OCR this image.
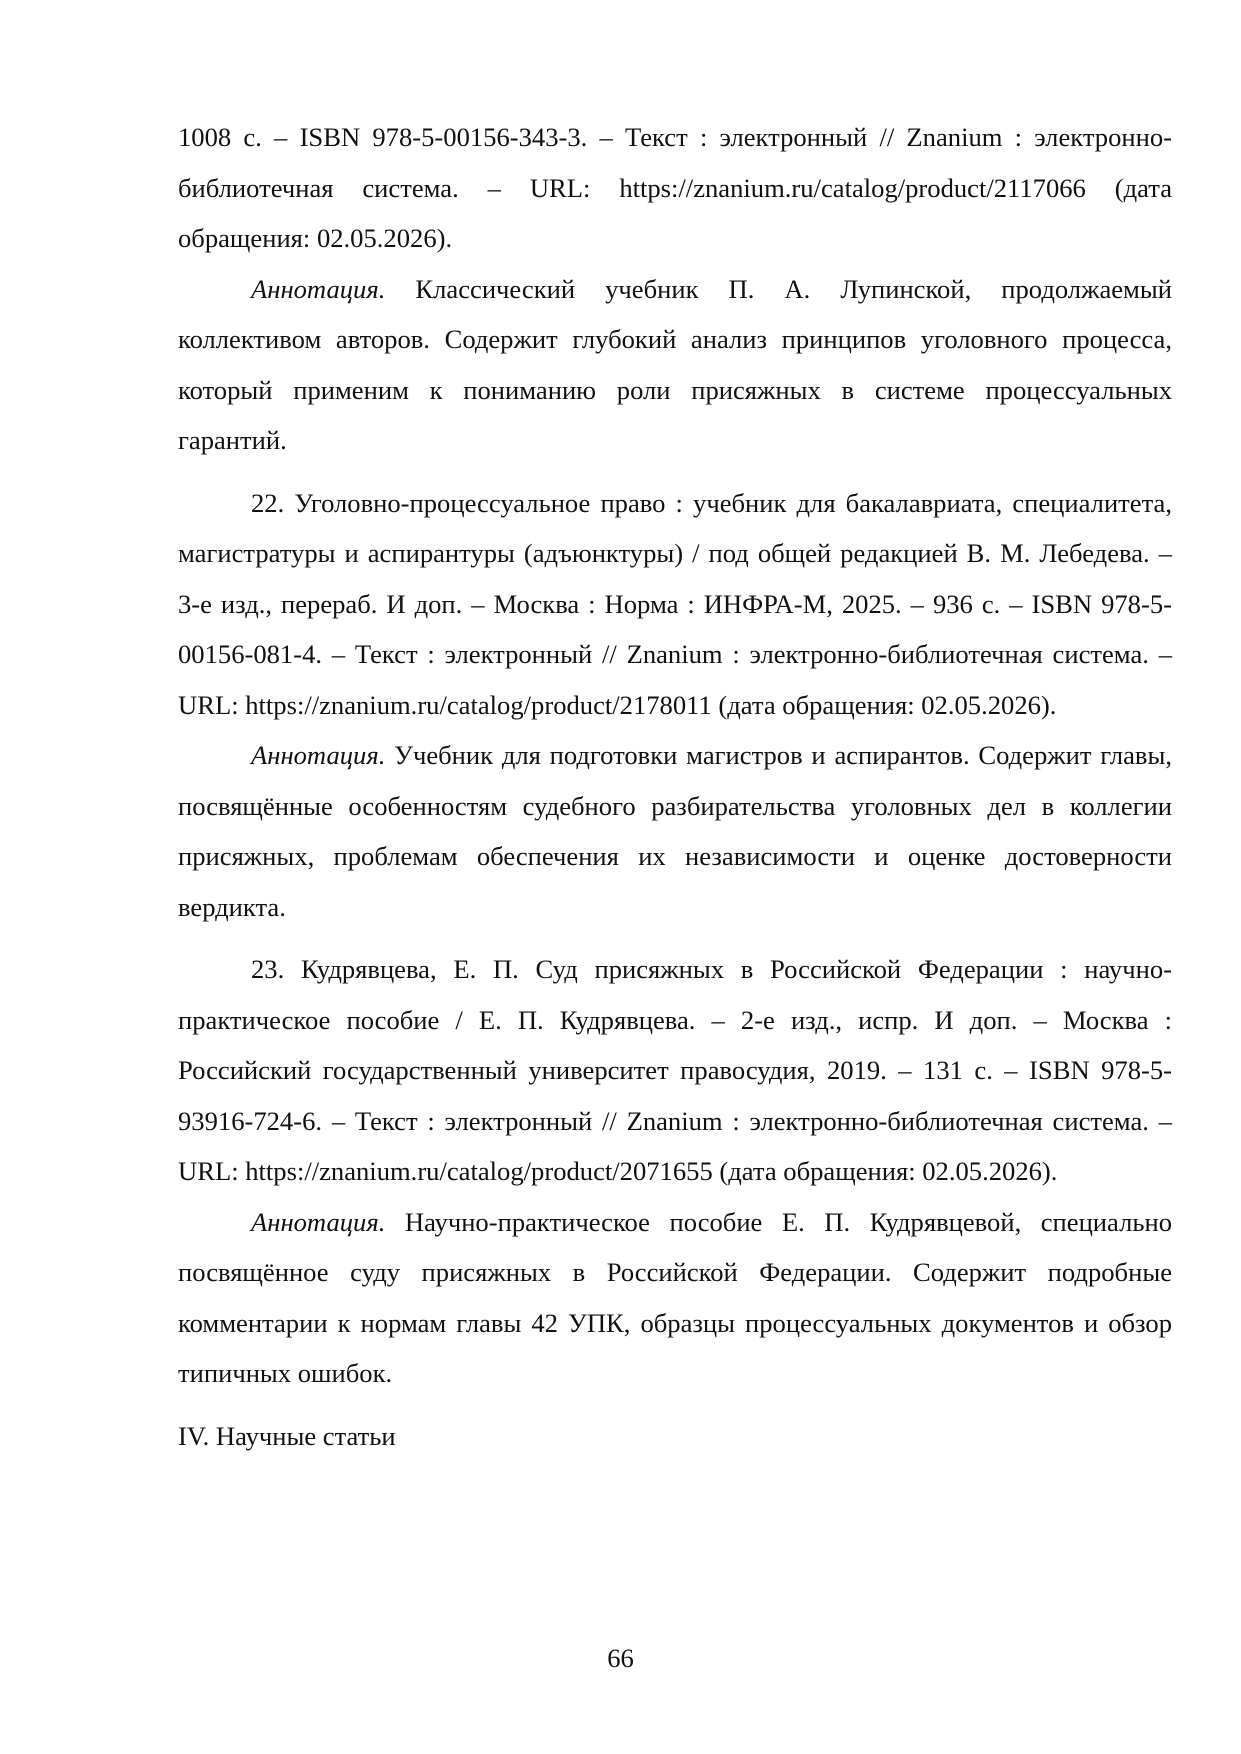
1008 с. – ISBN 978-5-00156-343-3. – Текст : электронный // Znanium : электронно-библиотечная система. – URL: https://znanium.ru/catalog/product/2117066 (дата обращения: 02.05.2026).

Аннотация. Классический учебник П. А. Лупинской, продолжаемый коллективом авторов. Содержит глубокий анализ принципов уголовного процесса, который применим к пониманию роли присяжных в системе процессуальных гарантий.

22. Уголовно-процессуальное право : учебник для бакалавриата, специалитета, магистратуры и аспирантуры (адъюнктуры) / под общей редакцией В. М. Лебедева. – 3-е изд., перераб. И доп. – Москва : Норма : ИНФРА-М, 2025. – 936 с. – ISBN 978-5-00156-081-4. – Текст : электронный // Znanium : электронно-библиотечная система. – URL: https://znanium.ru/catalog/product/2178011 (дата обращения: 02.05.2026).

Аннотация. Учебник для подготовки магистров и аспирантов. Содержит главы, посвящённые особенностям судебного разбирательства уголовных дел в коллегии присяжных, проблемам обеспечения их независимости и оценке достоверности вердикта.

23. Кудрявцева, Е. П. Суд присяжных в Российской Федерации : научно-практическое пособие / Е. П. Кудрявцева. – 2-е изд., испр. И доп. – Москва : Российский государственный университет правосудия, 2019. – 131 с. – ISBN 978-5-93916-724-6. – Текст : электронный // Znanium : электронно-библиотечная система. – URL: https://znanium.ru/catalog/product/2071655 (дата обращения: 02.05.2026).

Аннотация. Научно-практическое пособие Е. П. Кудрявцевой, специально посвящённое суду присяжных в Российской Федерации. Содержит подробные комментарии к нормам главы 42 УПК, образцы процессуальных документов и обзор типичных ошибок.

IV. Научные статьи

66
